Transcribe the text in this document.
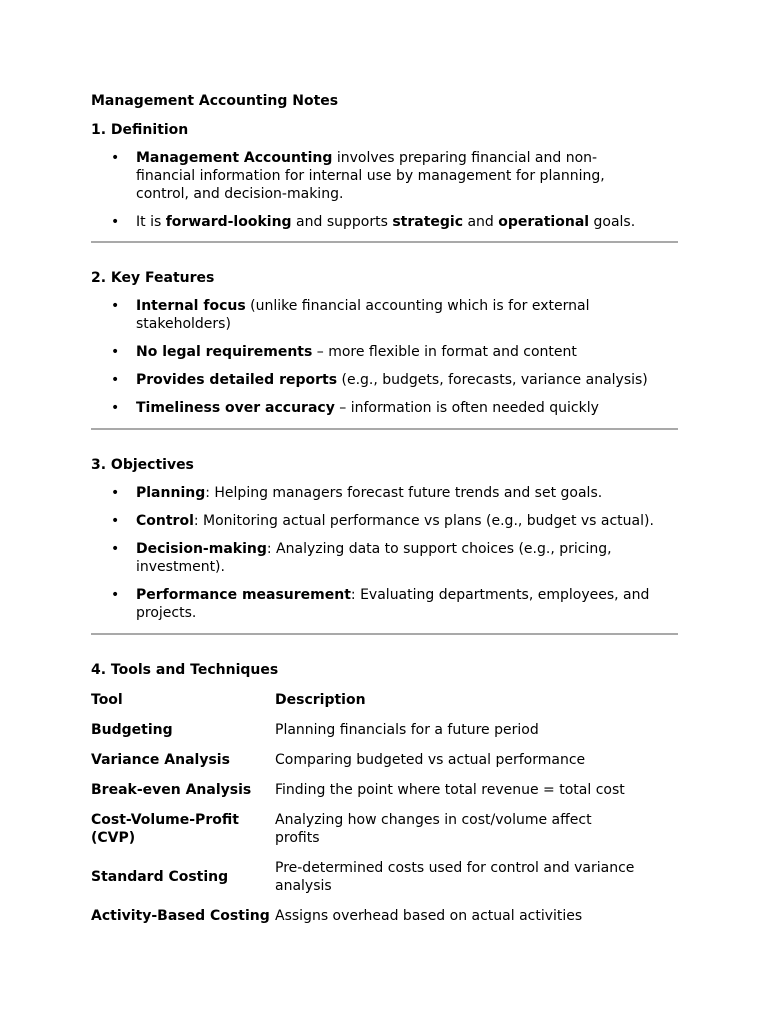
Management Accounting Notes
1. Definition
• Management Accounting involves preparing financial and non-financial information for internal use by management for planning, control, and decision-making.
• It is forward-looking and supports strategic and operational goals.
2. Key Features
• Internal focus (unlike financial accounting which is for external stakeholders)
• No legal requirements – more flexible in format and content
• Provides detailed reports (e.g., budgets, forecasts, variance analysis)
• Timeliness over accuracy – information is often needed quickly
3. Objectives
• Planning: Helping managers forecast future trends and set goals.
• Control: Monitoring actual performance vs plans (e.g., budget vs actual).
• Decision-making: Analyzing data to support choices (e.g., pricing, investment).
• Performance measurement: Evaluating departments, employees, and projects.
4. Tools and Techniques
Tool	Description
Budgeting	Planning financials for a future period
Variance Analysis	Comparing budgeted vs actual performance
Break-even Analysis	Finding the point where total revenue = total cost
Cost-Volume-Profit (CVP)	Analyzing how changes in cost/volume affect profits
Standard Costing	Pre-determined costs used for control and variance analysis
Activity-Based Costing	Assigns overhead based on actual activities
